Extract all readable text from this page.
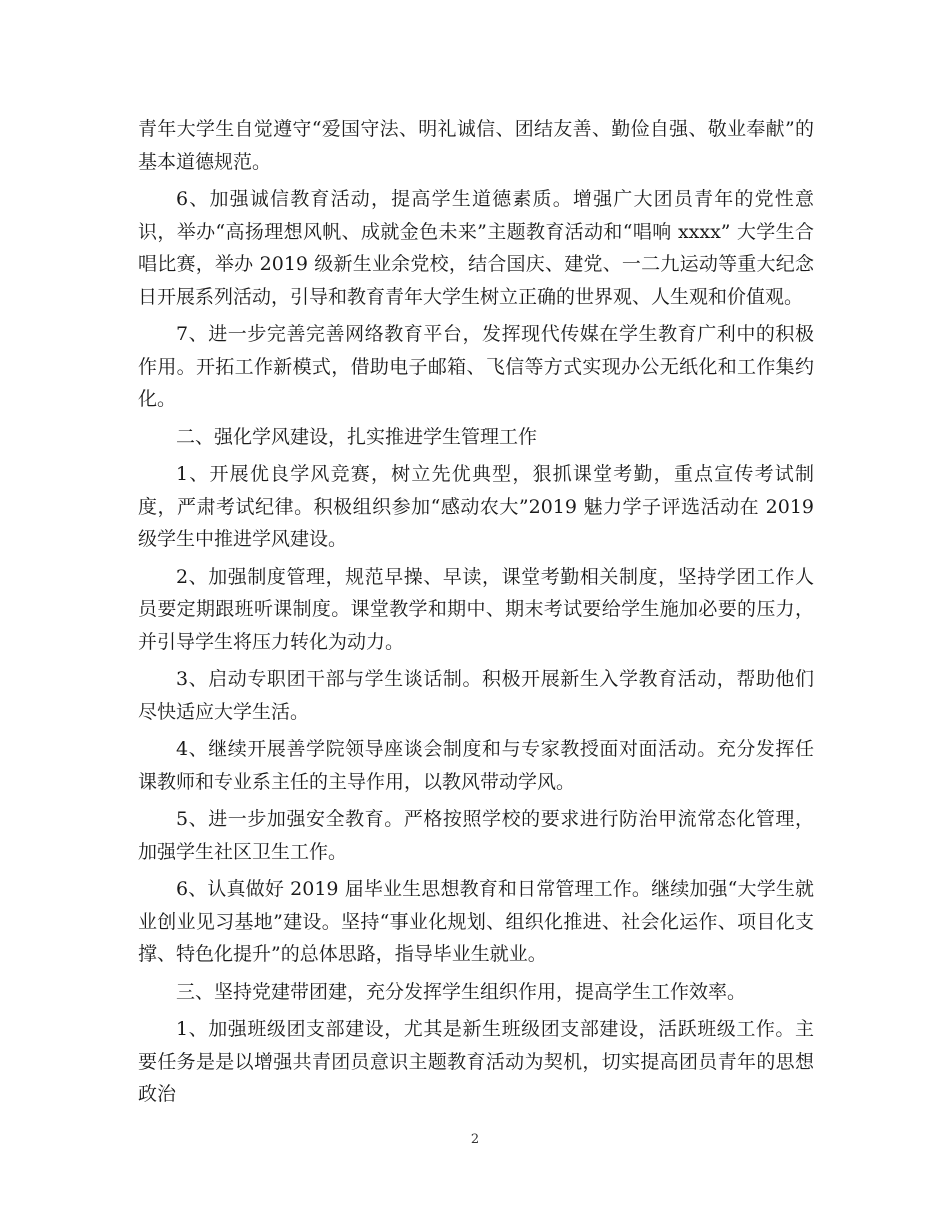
青年大学生自觉遵守“爱国守法、明礼诚信、团结友善、勤俭自强、敬业奉献”的基本道德规范。

6、加强诚信教育活动，提高学生道德素质。增强广大团员青年的党性意识，举办“高扬理想风帆、成就金色未来”主题教育活动和“唱响 xxxx” 大学生合唱比赛，举办 2019 级新生业余党校，结合国庆、建党、一二九运动等重大纪念日开展系列活动，引导和教育青年大学生树立正确的世界观、人生观和价值观。

7、进一步完善完善网络教育平台，发挥现代传媒在学生教育广利中的积极作用。开拓工作新模式，借助电子邮箱、飞信等方式实现办公无纸化和工作集约化。

二、强化学风建设，扎实推进学生管理工作

1、开展优良学风竞赛，树立先优典型，狠抓课堂考勤，重点宣传考试制度，严肃考试纪律。积极组织参加“感动农大”2019 魅力学子评选活动在 2019 级学生中推进学风建设。

2、加强制度管理，规范早操、早读，课堂考勤相关制度，坚持学团工作人员要定期跟班听课制度。课堂教学和期中、期末考试要给学生施加必要的压力，并引导学生将压力转化为动力。

3、启动专职团干部与学生谈话制。积极开展新生入学教育活动，帮助他们尽快适应大学生活。

4、继续开展善学院领导座谈会制度和与专家教授面对面活动。充分发挥任课教师和专业系主任的主导作用，以教风带动学风。

5、进一步加强安全教育。严格按照学校的要求进行防治甲流常态化管理，加强学生社区卫生工作。

6、认真做好 2019 届毕业生思想教育和日常管理工作。继续加强“大学生就业创业见习基地”建设。坚持“事业化规划、组织化推进、社会化运作、项目化支撑、特色化提升”的总体思路，指导毕业生就业。

三、坚持党建带团建，充分发挥学生组织作用，提高学生工作效率。

1、加强班级团支部建设，尤其是新生班级团支部建设，活跃班级工作。主要任务是是以增强共青团员意识主题教育活动为契机，切实提高团员青年的思想政治

2
